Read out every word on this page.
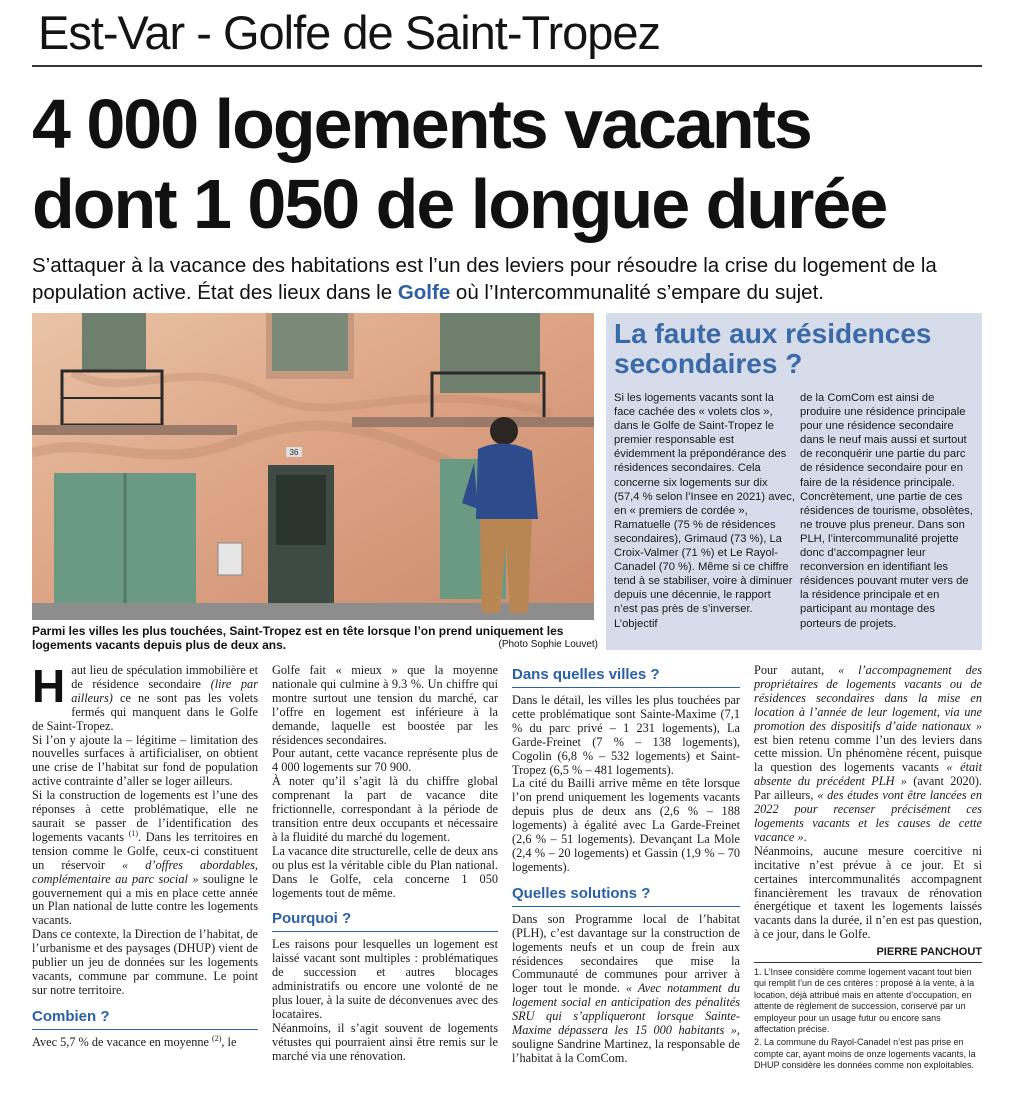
Est-Var - Golfe de Saint-Tropez
4 000 logements vacants
dont 1 050 de longue durée
S’attaquer à la vacance des habitations est l’un des leviers pour résoudre la crise du logement de la population active. État des lieux dans le Golfe où l’Intercommunalité s’empare du sujet.
36
Parmi les villes les plus touchées, Saint-Tropez est en tête lorsque l’on prend uniquement les logements vacants depuis plus de deux ans.	(Photo Sophie Louvet)
La faute aux résidences secondaires ?
Si les logements vacants sont la face cachée des « volets clos », dans le Golfe de Saint-Tropez le premier responsable est évidemment la prépondérance des résidences secondaires. Cela concerne six logements sur dix (57,4 % selon l’Insee en 2021) avec, en « premiers de cordée », Ramatuelle (75 % de résidences secondaires), Grimaud (73 %), La Croix-Valmer (71 %) et Le Rayol-Canadel (70 %). Même si ce chiffre tend à se stabiliser, voire à diminuer depuis une décennie, le rapport n’est pas près de s’inverser. L’objectif
de la ComCom est ainsi de produire une résidence principale pour une résidence secondaire dans le neuf mais aussi et surtout de reconquérir une partie du parc de résidence secondaire pour en faire de la résidence principale. Concrètement, une partie de ces résidences de tourisme, obsolètes, ne trouve plus preneur. Dans son PLH, l’intercommunalité projette donc d’accompagner leur reconversion en identifiant les résidences pouvant muter vers de la résidence principale et en participant au montage des porteurs de projets.

Haut lieu de spéculation immobilière et de résidence secondaire (lire par ailleurs) ce ne sont pas les volets fermés qui manquent dans le Golfe de Saint-Tropez.

Si l’on y ajoute la – légitime – limitation des nouvelles surfaces à artificialiser, on obtient une crise de l’habitat sur fond de population active contrainte d’aller se loger ailleurs.

Si la construction de logements est l’une des réponses à cette problématique, elle ne saurait se passer de l’identification des logements vacants $^{(1)}$. Dans les territoires en tension comme le Golfe, ceux-ci constituent un réservoir « d’offres abordables, complémentaire au parc social » souligne le gouvernement qui a mis en place cette année un Plan national de lutte contre les logements vacants.

Dans ce contexte, la Direction de l’habitat, de l’urbanisme et des paysages (DHUP) vient de publier un jeu de données sur les logements vacants, commune par commune. Le point sur notre territoire.

Combien ?

Avec 5,7 % de vacance en moyenne $^{(2)}$, le

Golfe fait « mieux » que la moyenne nationale qui culmine à 9.3 %. Un chiffre qui montre surtout une tension du marché, car l’offre en logement est inférieure à la demande, laquelle est boostée par les résidences secondaires.

Pour autant, cette vacance représente plus de 4 000 logements sur 70 900.

À noter qu’il s’agit là du chiffre global comprenant la part de vacance dite frictionnelle, correspondant à la période de transition entre deux occupants et nécessaire à la fluidité du marché du logement.

La vacance dite structurelle, celle de deux ans ou plus est la véritable cible du Plan national. Dans le Golfe, cela concerne 1 050 logements tout de même.

Pourquoi ?

Les raisons pour lesquelles un logement est laissé vacant sont multiples : problématiques de succession et autres blocages administratifs ou encore une volonté de ne plus louer, à la suite de déconvenues avec des locataires.

Néanmoins, il s’agit souvent de logements vétustes qui pourraient ainsi être remis sur le marché via une rénovation.

Dans quelles villes ?

Dans le détail, les villes les plus touchées par cette problématique sont Sainte-Maxime (7,1 % du parc privé – 1 231 logements), La Garde-Freinet (7 % – 138 logements), Cogolin (6,8 % – 532 logements) et Saint-Tropez (6,5 % – 481 logements).

La cité du Bailli arrive même en tête lorsque l’on prend uniquement les logements vacants depuis plus de deux ans (2,6 % – 188 logements) à égalité avec La Garde-Freinet (2,6 % – 51 logements). Devançant La Mole (2,4 % – 20 logements) et Gassin (1,9 % – 70 logements).

Quelles solutions ?

Dans son Programme local de l’habitat (PLH), c’est davantage sur la construction de logements neufs et un coup de frein aux résidences secondaires que mise la Communauté de communes pour arriver à loger tout le monde. « Avec notamment du logement social en anticipation des pénalités SRU qui s’appliqueront lorsque Sainte-Maxime dépassera les 15 000 habitants », souligne Sandrine Martinez, la responsable de l’habitat à la ComCom.

Pour autant, « l’accompagnement des propriétaires de logements vacants ou de résidences secondaires dans la mise en location à l’année de leur logement, via une promotion des dispositifs d’aide nationaux » est bien retenu comme l’un des leviers dans cette mission. Un phénomène récent, puisque la question des logements vacants « était absente du précédent PLH » (avant 2020). Par ailleurs, « des études vont être lancées en 2022 pour recenser précisément ces logements vacants et les causes de cette vacance ».

Néanmoins, aucune mesure coercitive ni incitative n’est prévue à ce jour. Et si certaines intercommunalités accompagnent financièrement les travaux de rénovation énergétique et taxent les logements laissés vacants dans la durée, il n’en est pas question, à ce jour, dans le Golfe.

PIERRE PANCHOUT
1. L’Insee considère comme logement vacant tout bien qui remplit l’un de ces critères : proposé à la vente, à la location, déjà attribué mais en attente d’occupation, en attente de règlement de succession, conservé par un employeur pour un usage futur ou encore sans affectation précise.
2. La commune du Rayol-Canadel n’est pas prise en compte car, ayant moins de onze logements vacants, la DHUP considère les données comme non exploitables.
